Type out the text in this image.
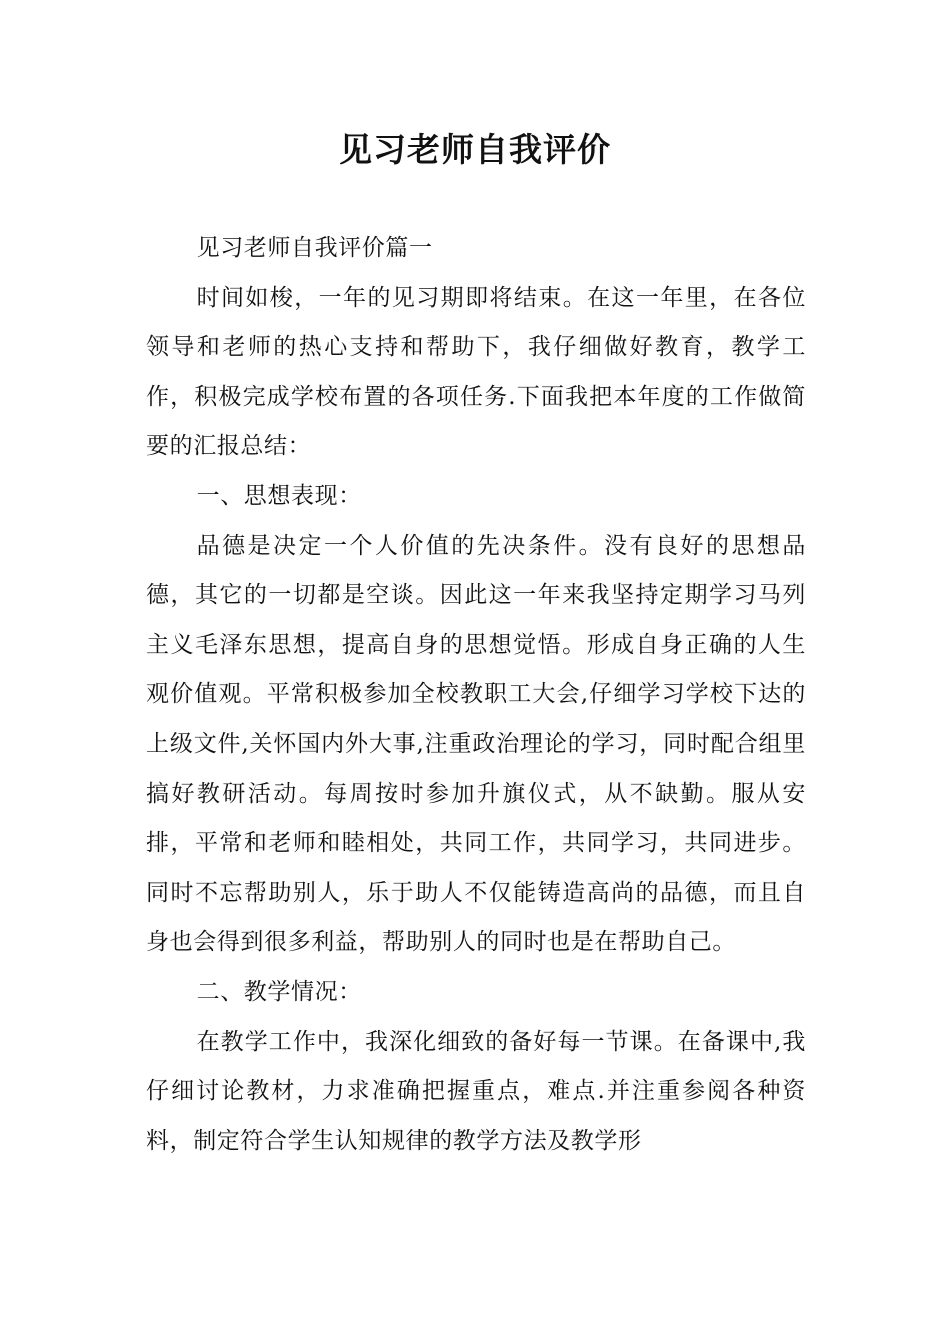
见习老师自我评价

见习老师自我评价篇一

时间如梭，一年的见习期即将结束。在这一年里，在各位领导和老师的热心支持和帮助下，我仔细做好教育，教学工作，积极完成学校布置的各项任务.下面我把本年度的工作做简要的汇报总结：

一、思想表现：

品德是决定一个人价值的先决条件。没有良好的思想品德，其它的一切都是空谈。因此这一年来我坚持定期学习马列主义毛泽东思想，提高自身的思想觉悟。形成自身正确的人生观价值观。平常积极参加全校教职工大会,仔细学习学校下达的上级文件,关怀国内外大事,注重政治理论的学习，同时配合组里搞好教研活动。每周按时参加升旗仪式，从不缺勤。服从安排，平常和老师和睦相处，共同工作，共同学习，共同进步。同时不忘帮助别人，乐于助人不仅能铸造高尚的品德，而且自身也会得到很多利益，帮助别人的同时也是在帮助自己。

二、教学情况：

在教学工作中，我深化细致的备好每一节课。在备课中,我仔细讨论教材，力求准确把握重点，难点.并注重参阅各种资料，制定符合学生认知规律的教学方法及教学形
